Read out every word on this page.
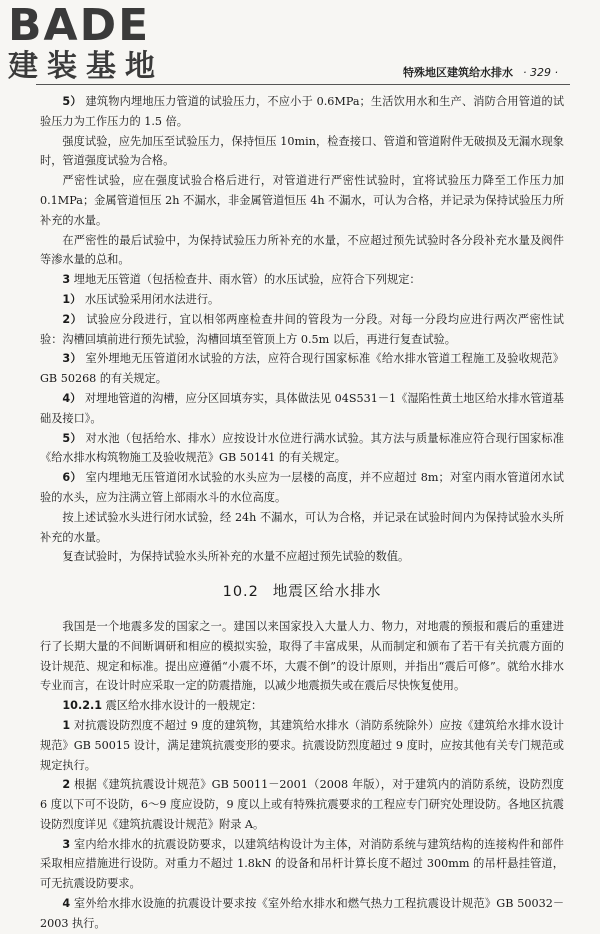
BADE
建装基地	特殊地区建筑给水排水 · 329 ·

5） 建筑物内埋地压力管道的试验压力，不应小于 0.6MPa；生活饮用水和生产、消防合用管道的试验压力为工作压力的 1.5 倍。

强度试验，应先加压至试验压力，保持恒压 10min，检查接口、管道和管道附件无破损及无漏水现象时，管道强度试验为合格。

严密性试验，应在强度试验合格后进行，对管道进行严密性试验时，宜将试验压力降至工作压力加 0.1MPa；金属管道恒压 2h 不漏水，非金属管道恒压 4h 不漏水，可认为合格，并记录为保持试验压力所补充的水量。

在严密性的最后试验中，为保持试验压力所补充的水量，不应超过预先试验时各分段补充水量及阀件等渗水量的总和。

3 埋地无压管道（包括检查井、雨水管）的水压试验，应符合下列规定：

1） 水压试验采用闭水法进行。

2） 试验应分段进行，宜以相邻两座检查井间的管段为一分段。对每一分段均应进行两次严密性试验：沟槽回填前进行预先试验，沟槽回填至管顶上方 0.5m 以后，再进行复查试验。

3） 室外埋地无压管道闭水试验的方法，应符合现行国家标准《给水排水管道工程施工及验收规范》GB 50268 的有关规定。

4） 对埋地管道的沟槽，应分区回填夯实，具体做法见 04S531－1《湿陷性黄土地区给水排水管道基础及接口》。

5） 对水池（包括给水、排水）应按设计水位进行满水试验。其方法与质量标准应符合现行国家标准《给水排水构筑物施工及验收规范》GB 50141 的有关规定。

6） 室内埋地无压管道闭水试验的水头应为一层楼的高度，并不应超过 8m；对室内雨水管道闭水试验的水头，应为注满立管上部雨水斗的水位高度。

按上述试验水头进行闭水试验，经 24h 不漏水，可认为合格，并记录在试验时间内为保持试验水头所补充的水量。

复查试验时，为保持试验水头所补充的水量不应超过预先试验的数值。

10.2 地震区给水排水

我国是一个地震多发的国家之一。建国以来国家投入大量人力、物力，对地震的预报和震后的重建进行了长期大量的不间断调研和相应的模拟实验，取得了丰富成果，从而制定和颁布了若干有关抗震方面的设计规范、规定和标准。提出应遵循“小震不坏，大震不倒”的设计原则，并指出“震后可修”。就给水排水专业而言，在设计时应采取一定的防震措施，以减少地震损失或在震后尽快恢复使用。

10.2.1 震区给水排水设计的一般规定：

1 对抗震设防烈度不超过 9 度的建筑物，其建筑给水排水（消防系统除外）应按《建筑给水排水设计规范》GB 50015 设计，满足建筑抗震变形的要求。抗震设防烈度超过 9 度时，应按其他有关专门规范或规定执行。

2 根据《建筑抗震设计规范》GB 50011－2001（2008 年版），对于建筑内的消防系统，设防烈度 6 度以下可不设防，6～9 度应设防，9 度以上或有特殊抗震要求的工程应专门研究处理设防。各地区抗震设防烈度详见《建筑抗震设计规范》附录 A。

3 室内给水排水的抗震设防要求，以建筑结构设计为主体，对消防系统与建筑结构的连接构件和部件采取相应措施进行设防。对重力不超过 1.8kN 的设备和吊杆计算长度不超过 300mm 的吊杆悬挂管道，可无抗震设防要求。

4 室外给水排水设施的抗震设计要求按《室外给水排水和燃气热力工程抗震设计规范》GB 50032－2003 执行。
